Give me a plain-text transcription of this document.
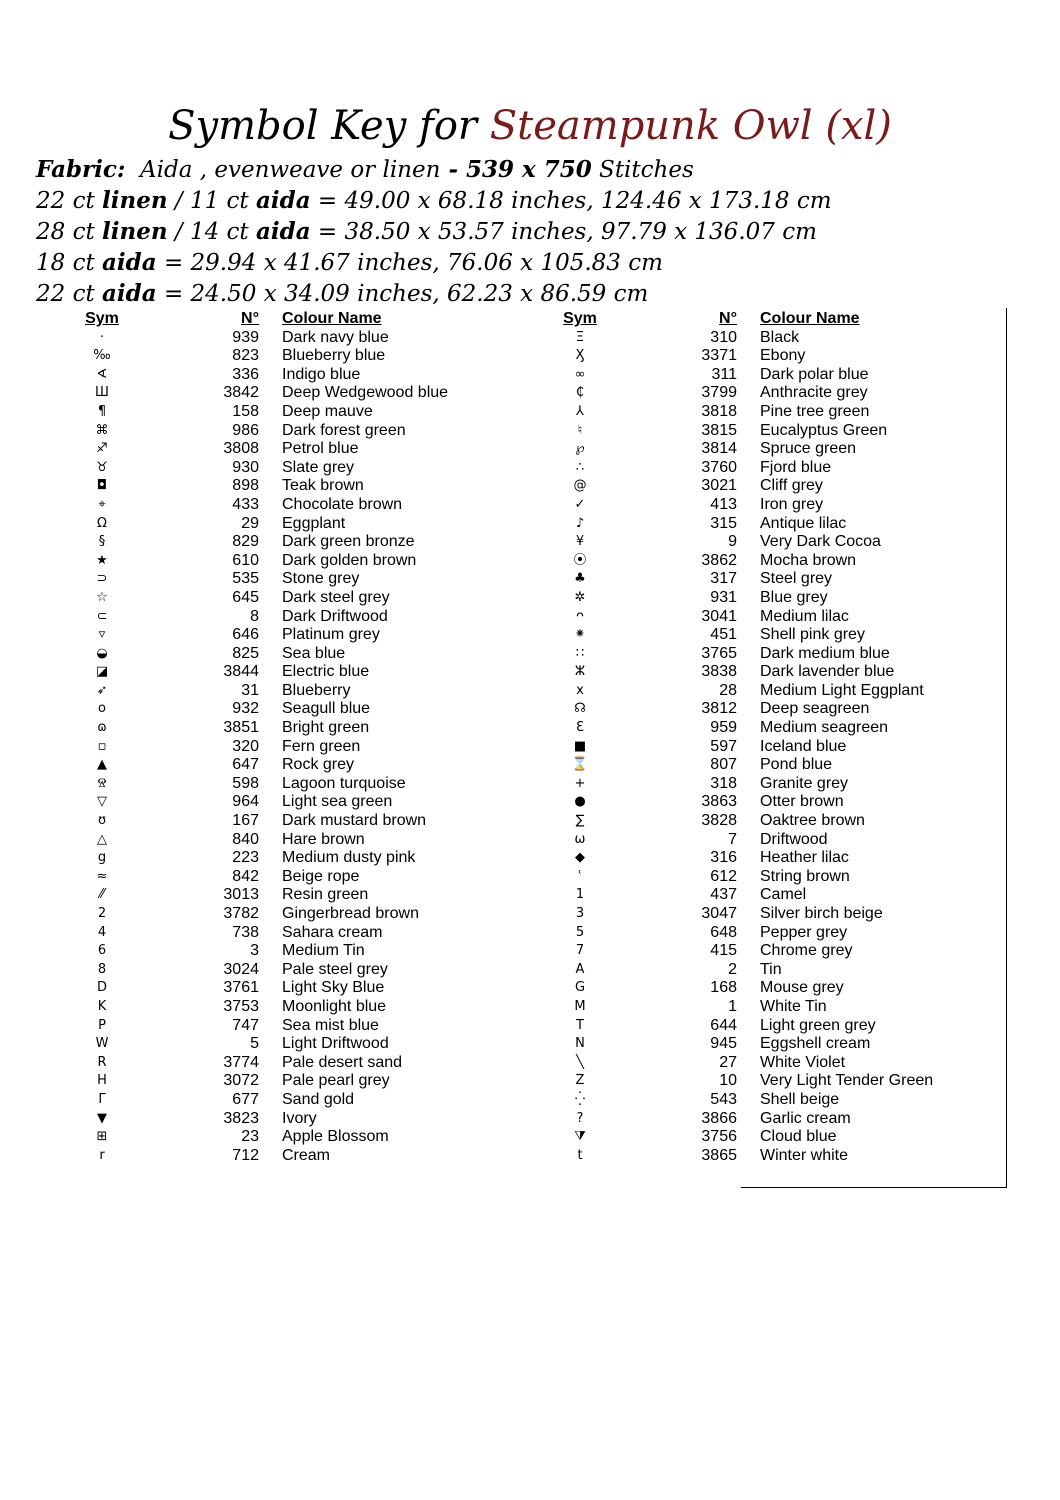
Symbol Key for Steampunk Owl (xl)
Fabric: Aida , evenweave or linen - 539 x 750 Stitches
22 ct linen / 11 ct aida = 49.00 x 68.18 inches, 124.46 x 173.18 cm
28 ct linen / 14 ct aida = 38.50 x 53.57 inches, 97.79 x 136.07 cm
18 ct aida = 29.94 x 41.67 inches, 76.06 x 105.83 cm
22 ct aida = 24.50 x 34.09 inches, 62.23 x 86.59 cm
Sym	N° Colour Name
·	939 Dark navy blue
‰	823 Blueberry blue
∢	336 Indigo blue
Ш	3842 Deep Wedgewood blue
¶	158 Deep mauve
⌘	986 Dark forest green
♐	3808 Petrol blue
♉	930 Slate grey
◘	898 Teak brown
⌖	433 Chocolate brown
Ω	29 Eggplant
§	829 Dark green bronze
★	610 Dark golden brown
⊃	535 Stone grey
☆	645 Dark steel grey
⊂	8 Dark Driftwood
▿	646 Platinum grey
◒	825 Sea blue
◪	3844 Electric blue
➶	31 Blueberry
o	932 Seagull blue
ɷ	3851 Bright green
▫	320 Fern green
▲	647 Rock grey
Ⱄ	598 Lagoon turquoise
▽	964 Light sea green
ʊ	167 Dark mustard brown
△	840 Hare brown
g	223 Medium dusty pink
≈	842 Beige rope
⁄⁄	3013 Resin green
2	3782 Gingerbread brown
4	738 Sahara cream
6	3 Medium Tin
8	3024 Pale steel grey
D	3761 Light Sky Blue
K	3753 Moonlight blue
P	747 Sea mist blue
W	5 Light Driftwood
R	3774 Pale desert sand
H	3072 Pale pearl grey
Γ	677 Sand gold
▼	3823 Ivory
⊞	23 Apple Blossom
r	712 Cream
Sym	N° Colour Name
Ξ	310 Black
Ӽ	3371 Ebony
∞	311 Dark polar blue
₵	3799 Anthracite grey
⅄	3818 Pine tree green
♮	3815 Eucalyptus Green
℘	3814 Spruce green
∴	3760 Fjord blue
@	3021 Cliff grey
✓	413 Iron grey
♪	315 Antique lilac
¥	9 Very Dark Cocoa
⦿	3862 Mocha brown
♣	317 Steel grey
✲	931 Blue grey
ᴖ	3041 Medium lilac
⁕	451 Shell pink grey
∷	3765 Dark medium blue
ⵣ	3838 Dark lavender blue
x	28 Medium Light Eggplant
☊	3812 Deep seagreen
Ɛ	959 Medium seagreen
■	597 Iceland blue
⌛	807 Pond blue
+	318 Granite grey
●	3863 Otter brown
∑	3828 Oaktree brown
ω	7 Driftwood
◆	316 Heather lilac
ʿ	612 String brown
1	437 Camel
3	3047 Silver birch beige
5	648 Pepper grey
7	415 Chrome grey
A	2 Tin
G	168 Mouse grey
M	1 White Tin
T	644 Light green grey
N	945 Eggshell cream
╲	27 White Violet
Z	10 Very Light Tender Green
⁛	543 Shell beige
?	3866 Garlic cream
⧩	3756 Cloud blue
t	3865 Winter white
